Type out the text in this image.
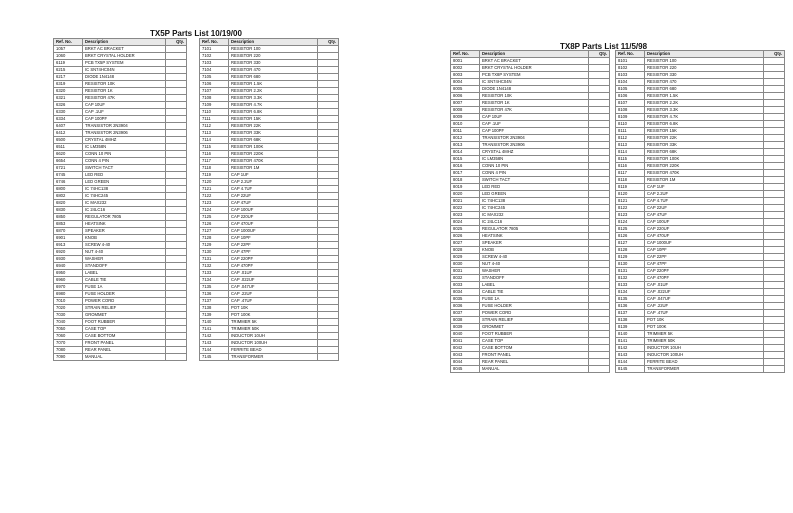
TX5P Parts List 10/19/00
Ref. No.	Description	Qty.
1057	BRKT AC BRACKET	
1060	BRKT CRYSTAL HOLDER	
6119	PCB TX5P SYSTEM	
6215	IC SN74HC04N	
6217	DIODE 1N4148	
6319	RESISTOR 10K	
6320	RESISTOR 1K	
6321	RESISTOR 47K	
6326	CAP 10UF	
6330	CAP .1UF	
6334	CAP 100PF	
6407	TRANSISTOR 2N3904	
6412	TRANSISTOR 2N3906	
6500	CRYSTAL 4MHZ	
6511	IC LM358N	
6620	CONN 10 PIN	
6654	CONN 4 PIN	
6721	SWITCH TACT	
6745	LED RED	
6746	LED GREEN	
6800	IC 74HC138	
6802	IC 74HC245	
6820	IC MAX232	
6830	IC 24LC16	
6850	REGULATOR 7805	
6853	HEATSINK	
6870	SPEAKER	
6901	KNOB	
6913	SCREW 4-40	
6920	NUT 4-40	
6930	WASHER	
6940	STANDOFF	
6950	LABEL	
6960	CABLE TIE	
6970	FUSE 1A	
6980	FUSE HOLDER	
7010	POWER CORD	
7020	STRAIN RELIEF	
7030	GROMMET	
7040	FOOT RUBBER	
7050	CASE TOP	
7060	CASE BOTTOM	
7070	FRONT PANEL	
7080	REAR PANEL	
7090	MANUAL	
Ref. No.	Description	Qty.
7101	RESISTOR 100	
7102	RESISTOR 220	
7103	RESISTOR 330	
7104	RESISTOR 470	
7105	RESISTOR 680	
7106	RESISTOR 1.5K	
7107	RESISTOR 2.2K	
7108	RESISTOR 3.3K	
7109	RESISTOR 4.7K	
7110	RESISTOR 6.8K	
7111	RESISTOR 15K	
7112	RESISTOR 22K	
7113	RESISTOR 33K	
7114	RESISTOR 68K	
7115	RESISTOR 100K	
7116	RESISTOR 220K	
7117	RESISTOR 470K	
7118	RESISTOR 1M	
7119	CAP 1UF	
7120	CAP 2.2UF	
7121	CAP 4.7UF	
7122	CAP 22UF	
7123	CAP 47UF	
7124	CAP 100UF	
7125	CAP 220UF	
7126	CAP 470UF	
7127	CAP 1000UF	
7128	CAP 10PF	
7129	CAP 22PF	
7130	CAP 47PF	
7131	CAP 220PF	
7132	CAP 470PF	
7133	CAP .01UF	
7134	CAP .022UF	
7135	CAP .047UF	
7136	CAP .22UF	
7137	CAP .47UF	
7138	POT 10K	
7139	POT 100K	
7140	TRIMMER 5K	
7141	TRIMMER 50K	
7142	INDUCTOR 10UH	
7143	INDUCTOR 100UH	
7144	FERRITE BEAD	
7145	TRANSFORMER	
TX8P Parts List 11/5/98
Ref. No.	Description	Qty.
8001	BRKT AC BRACKET	
8002	BRKT CRYSTAL HOLDER	
8003	PCB TX8P SYSTEM	
8004	IC SN74HC04N	
8005	DIODE 1N4148	
8006	RESISTOR 10K	
8007	RESISTOR 1K	
8008	RESISTOR 47K	
8009	CAP 10UF	
8010	CAP .1UF	
8011	CAP 100PF	
8012	TRANSISTOR 2N3904	
8013	TRANSISTOR 2N3906	
8014	CRYSTAL 4MHZ	
8015	IC LM358N	
8016	CONN 10 PIN	
8017	CONN 4 PIN	
8018	SWITCH TACT	
8019	LED RED	
8020	LED GREEN	
8021	IC 74HC138	
8022	IC 74HC245	
8023	IC MAX232	
8024	IC 24LC16	
8025	REGULATOR 7805	
8026	HEATSINK	
8027	SPEAKER	
8028	KNOB	
8029	SCREW 4-40	
8030	NUT 4-40	
8031	WASHER	
8032	STANDOFF	
8033	LABEL	
8034	CABLE TIE	
8035	FUSE 1A	
8036	FUSE HOLDER	
8037	POWER CORD	
8038	STRAIN RELIEF	
8039	GROMMET	
8040	FOOT RUBBER	
8041	CASE TOP	
8042	CASE BOTTOM	
8043	FRONT PANEL	
8044	REAR PANEL	
8045	MANUAL	
Ref. No.	Description	Qty.
8101	RESISTOR 100	
8102	RESISTOR 220	
8103	RESISTOR 330	
8104	RESISTOR 470	
8105	RESISTOR 680	
8106	RESISTOR 1.5K	
8107	RESISTOR 2.2K	
8108	RESISTOR 3.3K	
8109	RESISTOR 4.7K	
8110	RESISTOR 6.8K	
8111	RESISTOR 15K	
8112	RESISTOR 22K	
8113	RESISTOR 33K	
8114	RESISTOR 68K	
8115	RESISTOR 100K	
8116	RESISTOR 220K	
8117	RESISTOR 470K	
8118	RESISTOR 1M	
8119	CAP 1UF	
8120	CAP 2.2UF	
8121	CAP 4.7UF	
8122	CAP 22UF	
8123	CAP 47UF	
8124	CAP 100UF	
8125	CAP 220UF	
8126	CAP 470UF	
8127	CAP 1000UF	
8128	CAP 10PF	
8129	CAP 22PF	
8130	CAP 47PF	
8131	CAP 220PF	
8132	CAP 470PF	
8133	CAP .01UF	
8134	CAP .022UF	
8135	CAP .047UF	
8136	CAP .22UF	
8137	CAP .47UF	
8138	POT 10K	
8139	POT 100K	
8140	TRIMMER 5K	
8141	TRIMMER 50K	
8142	INDUCTOR 10UH	
8143	INDUCTOR 100UH	
8144	FERRITE BEAD	
8145	TRANSFORMER	
